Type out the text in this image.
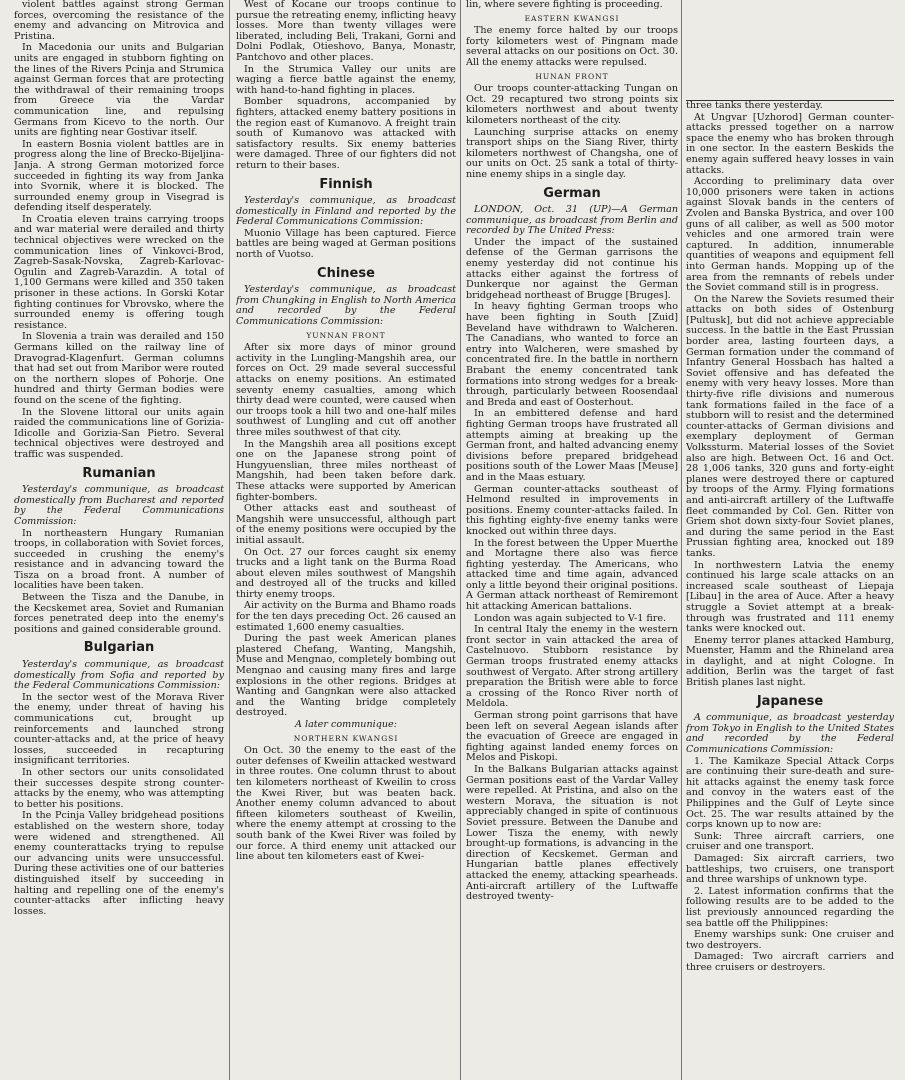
violent battles against strong German forces, overcoming the resistance of the enemy and advancing on Mitrovica and Pristina.

In Macedonia our units and Bulgarian units are engaged in stubborn fighting on the lines of the Rivers Pcinja and Strumica against German forces that are protecting the withdrawal of their remaining troops from Greece via the Vardar communication line, and repulsing Germans from Kicevo to the north. Our units are fighting near Gostivar itself.

In eastern Bosnia violent battles are in progress along the line of Brecko-Bijeljina-Janja. A strong German motorized force succeeded in fighting its way from Janka into Svornik, where it is blocked. The surrounded enemy group in Visegrad is defending itself desperately.

In Croatia eleven trains carrying troops and war material were derailed and thirty technical objectives were wrecked on the communication lines of Vinkovci-Brod, Zagreb-Sasak-Novska, Zagreb-Karlovac-Ogulin and Zagreb-Varazdin. A total of 1,100 Germans were killed and 350 taken prisoner in these actions. In Gorski Kotar fighting continues for Vbrovsko, where the surrounded enemy is offering tough resistance.

In Slovenia a train was derailed and 150 Germans killed on the railway line of Dravograd-Klagenfurt. German columns that had set out from Maribor were routed on the northern slopes of Pohorje. One hundred and thirty German bodies were found on the scene of the fighting.

In the Slovene littoral our units again raided the communications line of Gorizia-Idicolle and Gorizia-San Pietro. Several technical objectives were destroyed and traffic was suspended.

Rumanian

Yesterday's communique, as broadcast domestically from Bucharest and reported by the Federal Communications Commission:

In northeastern Hungary Rumanian troops, in collaboration with Soviet forces, succeeded in crushing the enemy's resistance and in advancing toward the Tisza on a broad front. A number of localities have been taken.

Between the Tisza and the Danube, in the Kecskemet area, Soviet and Rumanian forces penetrated deep into the enemy's positions and gained considerable ground.

Bulgarian

Yesterday's communique, as broadcast domestically from Sofia and reported by the Federal Communications Commission:

In the sector west of the Morava River the enemy, under threat of having his communications cut, brought up reinforcements and launched strong counter-attacks and, at the price of heavy losses, succeeded in recapturing insignificant territories.

In other sectors our units consolidated their successes despite strong counter-attacks by the enemy, who was attempting to better his positions.

In the Pcinja Valley bridgehead positions established on the western shore, today were widened and strengthened. All enemy counterattacks trying to repulse our advancing units were unsuccessful. During these activities one of our batteries distinguished itself by succeeding in halting and repelling one of the enemy's counter-attacks after inflicting heavy losses.

West of Kocane our troops continue to pursue the retreating enemy, inflicting heavy losses. More than twenty villages were liberated, including Beli, Trakani, Gorni and Dolni Podlak, Otieshovo, Banya, Monastr, Pantchovo and other places.

In the Strumica Valley our units are waging a fierce battle against the enemy, with hand-to-hand fighting in places.

Bomber squadrons, accompanied by fighters, attacked enemy battery positions in the region east of Kumanovo. A freight train south of Kumanovo was attacked with satisfactory results. Six enemy batteries were damaged. Three of our fighters did not return to their bases.

Finnish

Yesterday's communique, as broadcast domestically in Finland and reported by the Federal Communications Commission:

Muonio Village has been captured. Fierce battles are being waged at German positions north of Vuotso.

Chinese

Yesterday's communique, as broadcast from Chungking in English to North America and recorded by the Federal Communications Commission:

YUNNAN FRONT

After six more days of minor ground activity in the Lungling-Mangshih area, our forces on Oct. 29 made several successful attacks on enemy positions. An estimated seventy enemy casualties, among which thirty dead were counted, were caused when our troops took a hill two and one-half miles southwest of Lungling and cut off another three miles southwest of that city.

In the Mangshih area all positions except one on the Japanese strong point of Hungyuenslian, three miles northeast of Mangshih, had been taken before dark. These attacks were supported by American fighter-bombers.

Other attacks east and southeast of Mangshih were unsuccessful, although part of the enemy positions were occupied by the initial assault.

On Oct. 27 our forces caught six enemy trucks and a light tank on the Burma Road about eleven miles southwest of Mangshih and destroyed all of the trucks and killed thirty enemy troops.

Air activity on the Burma and Bhamo roads for the ten days preceding Oct. 26 caused an estimated 1,600 enemy casualties.

During the past week American planes plastered Chefang, Wanting, Mangshih, Muse and Mengnao, completely bombing out Mengnao and causing many fires and large explosions in the other regions. Bridges at Wanting and Gangnkan were also attacked and the Wanting bridge completely destroyed.

A later communique:

NORTHERN KWANGSI

On Oct. 30 the enemy to the east of the outer defenses of Kweilin attacked westward in three routes. One column thrust to about ten kilometers northeast of Kweilin to cross the Kwei River, but was beaten back. Another enemy column advanced to about fifteen kilometers southeast of Kweilin, where the enemy attempt at crossing to the south bank of the Kwei River was foiled by our force. A third enemy unit attacked our line about ten kilometers east of Kwei-

lin, where severe fighting is proceeding.

EASTERN KWANGSI

The enemy force halted by our troops forty kilometers west of Pingnam made several attacks on our positions on Oct. 30. All the enemy attacks were repulsed.

HUNAN FRONT

Our troops counter-attacking Tungan on Oct. 29 recaptured two strong points six kilometers northwest and about twenty kilometers northeast of the city.

Launching surprise attacks on enemy transport ships on the Siang River, thirty kilometers northwest of Changsha, one of our units on Oct. 25 sank a total of thirty-nine enemy ships in a single day.

German

LONDON, Oct. 31 (UP)—A German communique, as broadcast from Berlin and recorded by The United Press:

Under the impact of the sustained defense of the German garrisons the enemy yesterday did not continue his attacks either against the fortress of Dunkerque nor against the German bridgehead northeast of Brugge [Bruges].

In heavy fighting German troops who have been fighting in South [Zuid] Beveland have withdrawn to Walcheren. The Canadians, who wanted to force an entry into Walcheren, were smashed by concentrated fire. In the battle in northern Brabant the enemy concentrated tank formations into strong wedges for a break-through, particularly between Roosendaal and Breda and east of Oosterhout.

In an embittered defense and hard fighting German troops have frustrated all attempts aiming at breaking up the German front, and halted advancing enemy divisions before prepared bridgehead positions south of the Lower Maas [Meuse] and in the Maas estuary.

German counter-attacks southeast of Helmond resulted in improvements in positions. Enemy counter-attacks failed. In this fighting eighty-five enemy tanks were knocked out within three days.

In the forest between the Upper Muerthe and Mortagne there also was fierce fighting yesterday. The Americans, who attacked time and time again, advanced only a little beyond their original positions. A German attack northeast of Remiremont hit attacking American battalions.

London was again subjected to V-1 fire.

In central Italy the enemy in the western front sector in vain attacked the area of Castelnuovo. Stubborn resistance by German troops frustrated enemy attacks southwest of Vergato. After strong artillery preparation the British were able to force a crossing of the Ronco River north of Meldola.

German strong point garrisons that have been left on several Aegean islands after the evacuation of Greece are engaged in fighting against landed enemy forces on Melos and Piskopi.

In the Balkans Bulgarian attacks against German positions east of the Vardar Valley were repelled. At Pristina, and also on the western Morava, the situation is not appreciably changed in spite of continuous Soviet pressure. Between the Danube and Lower Tisza the enemy, with newly brought-up formations, is advancing in the direction of Kecskemet. German and Hungarian battle planes effectively attacked the enemy, attacking spearheads. Anti-aircraft artillery of the Luftwaffe destroyed twenty-

three tanks there yesterday.

At Ungvar [Uzhorod] German counter-attacks pressed together on a narrow space the enemy who has broken through in one sector. In the eastern Beskids the enemy again suffered heavy losses in vain attacks.

According to preliminary data over 10,000 prisoners were taken in actions against Slovak bands in the centers of Zvolen and Banska Bystrica, and over 100 guns of all caliber, as well as 500 motor vehicles and one armored train were captured. In addition, innumerable quantities of weapons and equipment fell into German hands. Mopping up of the area from the remnants of rebels under the Soviet command still is in progress.

On the Narew the Soviets resumed their attacks on both sides of Ostenburg [Pultusk], but did not achieve appreciable success. In the battle in the East Prussian border area, lasting fourteen days, a German formation under the command of Infantry General Hossbach has halted a Soviet offensive and has defeated the enemy with very heavy losses. More than thirty-five rifle divisions and numerous tank formations failed in the face of a stubborn will to resist and the determined counter-attacks of German divisions and exemplary deployment of German Volkssturm. Material losses of the Soviet also are high. Between Oct. 16 and Oct. 28 1,006 tanks, 320 guns and forty-eight planes were destroyed there or captured by troops of the Army. Flying formations and anti-aircraft artillery of the Luftwaffe fleet commanded by Col. Gen. Ritter von Griem shot down sixty-four Soviet planes, and during the same period in the East Prussian fighting area, knocked out 189 tanks.

In northwestern Latvia the enemy continued his large scale attacks on an increased scale southeast of Liepaja [Libau] in the area of Auce. After a heavy struggle a Soviet attempt at a break-through was frustrated and 111 enemy tanks were knocked out.

Enemy terror planes attacked Hamburg, Muenster, Hamm and the Rhineland area in daylight, and at night Cologne. In addition, Berlin was the target of fast British planes last night.

Japanese

A communique, as broadcast yesterday from Tokyo in English to the United States and recorded by the Federal Communications Commission:

1. The Kamikaze Special Attack Corps are continuing their sure-death and sure-hit attacks against the enemy task force and convoy in the waters east of the Philippines and the Gulf of Leyte since Oct. 25. The war results attained by the corps known up to now are:

Sunk: Three aircraft carriers, one cruiser and one transport.

Damaged: Six aircraft carriers, two battleships, two cruisers, one transport and three warships of unknown type.

2. Latest information confirms that the following results are to be added to the list previously announced regarding the sea battle off the Philippines:

Enemy warships sunk: One cruiser and two destroyers.

Damaged: Two aircraft carriers and three cruisers or destroyers.
